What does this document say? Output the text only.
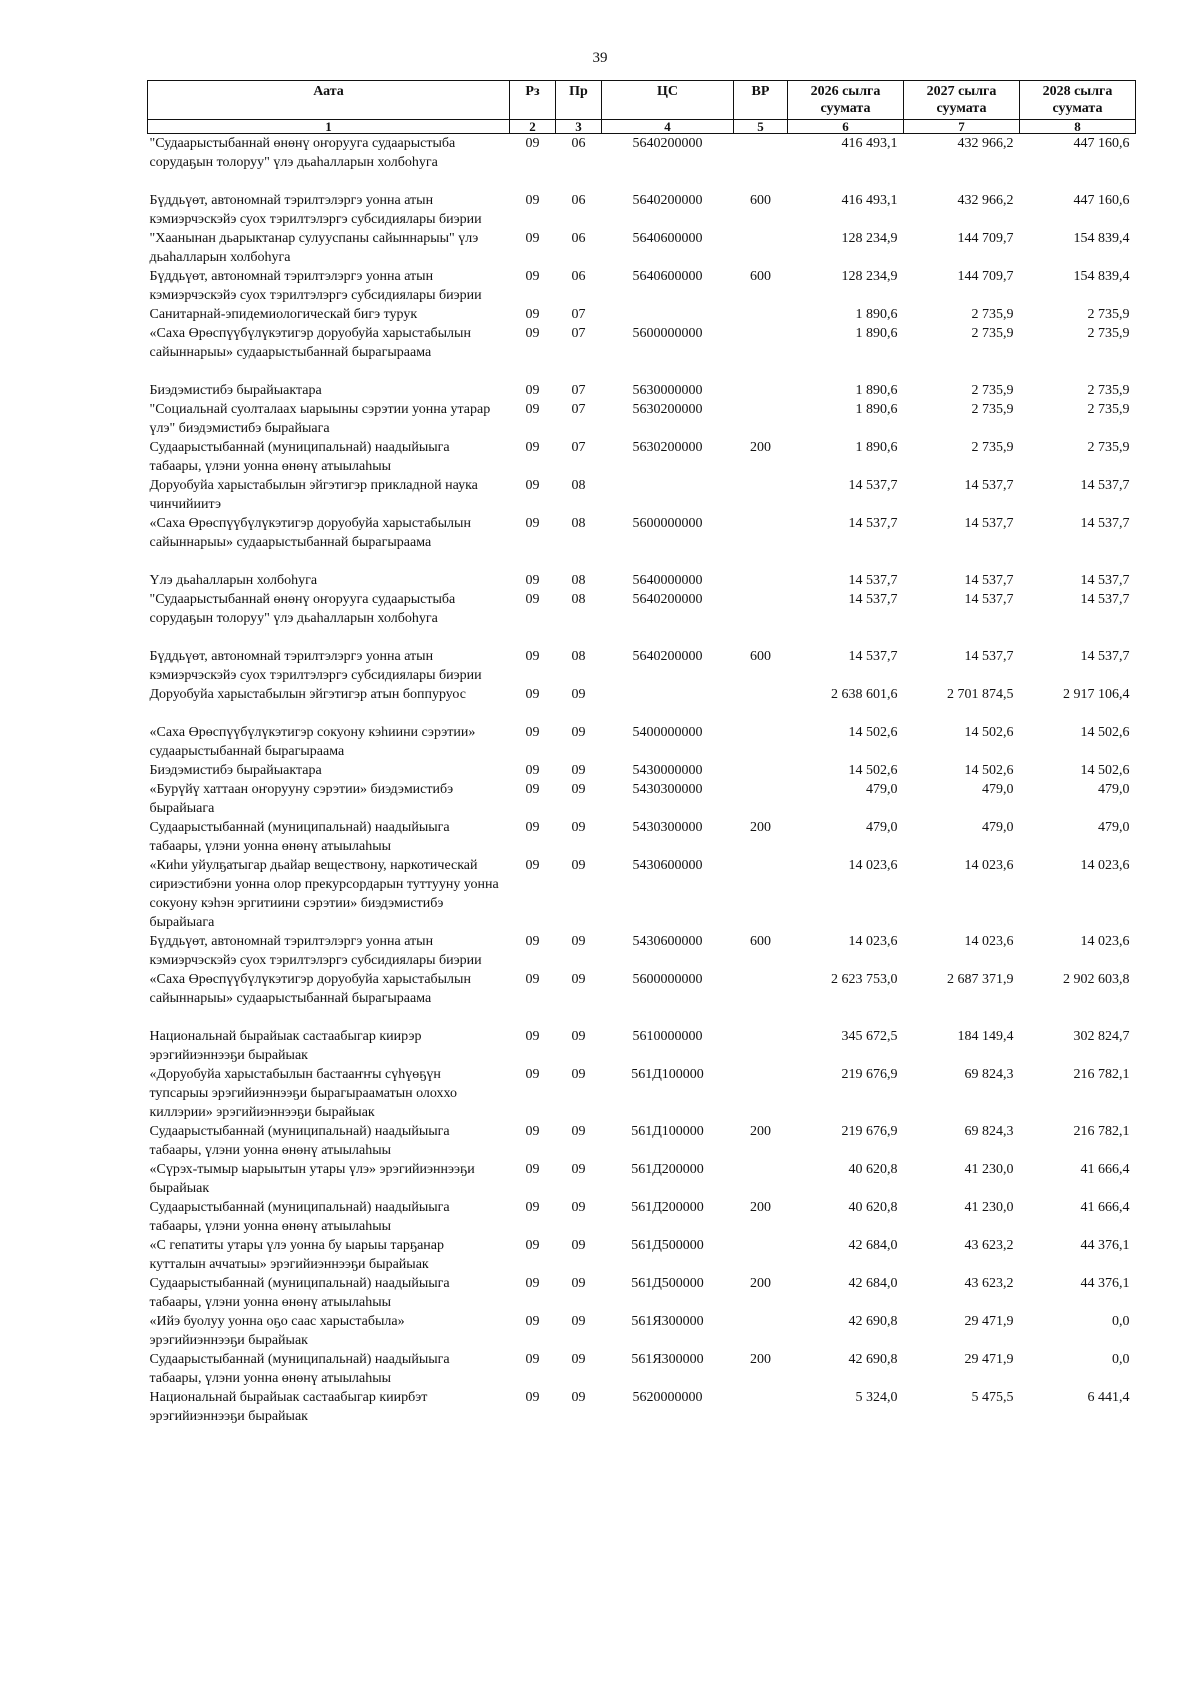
39
Аата	Рз	Пр	ЦС	ВР	2026 сылга суумата	2027 сылга суумата	2028 сылга суумата
1	2	3	4	5	6	7	8
"Судаарыстыбаннай өнөнү оҥоруугa судаарыстыба сорудаҕын толоруу" үлэ дьаһалларын холбоһуга	09	06	5640200000		416 493,1	432 966,2	447 160,6
Бүддьүөт, автономнай тэрилтэлэргэ уонна атын кэмиэрчэскэйэ суох тэрилтэлэргэ субсидиялары биэрии	09	06	5640200000	600	416 493,1	432 966,2	447 160,6
"Хаанынан дьарыктанар сулууспаны сайыннарыы" үлэ дьаһалларын холбоһуга	09	06	5640600000		128 234,9	144 709,7	154 839,4
Бүддьүөт, автономнай тэрилтэлэргэ уонна атын кэмиэрчэскэйэ суох тэрилтэлэргэ субсидиялары биэрии	09	06	5640600000	600	128 234,9	144 709,7	154 839,4
Санитарнай-эпидемиологическай бигэ турук	09	07			1 890,6	2 735,9	2 735,9
«Саха Өрөспүүбүлүкэтигэр доруобуйа харыстабылын сайыннарыы» судаарыстыбаннай бырагыраама	09	07	5600000000		1 890,6	2 735,9	2 735,9
Биэдэмистибэ бырайыактара	09	07	5630000000		1 890,6	2 735,9	2 735,9
"Социальнай суолталаах ыарыыны сэрэтии уонна утарар үлэ" биэдэмистибэ бырайыага	09	07	5630200000		1 890,6	2 735,9	2 735,9
Судаарыстыбаннай (муниципальнай) наадыйыыга табаары, үлэни уонна өнөнү атыылаһыы	09	07	5630200000	200	1 890,6	2 735,9	2 735,9
Доруобуйа харыстабылын эйгэтигэр прикладной наука чинчийиитэ	09	08			14 537,7	14 537,7	14 537,7
«Саха Өрөспүүбүлүкэтигэр доруобуйа харыстабылын сайыннарыы» судаарыстыбаннай бырагыраама	09	08	5600000000		14 537,7	14 537,7	14 537,7
Үлэ дьаһалларын холбоһуга	09	08	5640000000		14 537,7	14 537,7	14 537,7
"Судаарыстыбаннай өнөнү оҥоруугa судаарыстыба сорудаҕын толоруу" үлэ дьаһалларын холбоһуга	09	08	5640200000		14 537,7	14 537,7	14 537,7
Бүддьүөт, автономнай тэрилтэлэргэ уонна атын кэмиэрчэскэйэ суох тэрилтэлэргэ субсидиялары биэрии	09	08	5640200000	600	14 537,7	14 537,7	14 537,7
Доруобуйа харыстабылын эйгэтигэр атын боппуруос	09	09			2 638 601,6	2 701 874,5	2 917 106,4
«Саха Өрөспүүбүлүкэтигэр сокуону кэһиини сэрэтии» судаарыстыбаннай бырагыраама	09	09	5400000000		14 502,6	14 502,6	14 502,6
Биэдэмистибэ бырайыактара	09	09	5430000000		14 502,6	14 502,6	14 502,6
«Бурүйү хаттаан оҥорууну сэрэтии» биэдэмистибэ бырайыага	09	09	5430300000		479,0	479,0	479,0
Судаарыстыбаннай (муниципальнай) наадыйыыга табаары, үлэни уонна өнөнү атыылаһыы	09	09	5430300000	200	479,0	479,0	479,0
«Киһи уйулҕатыгар дьайар веществону, наркотическай сириэстибэни уонна олор прекурсордарын туттууну уонна сокуону кэһэн эргитиини сэрэтии» биэдэмистибэ бырайыага	09	09	5430600000		14 023,6	14 023,6	14 023,6
Бүддьүөт, автономнай тэрилтэлэргэ уонна атын кэмиэрчэскэйэ суох тэрилтэлэргэ субсидиялары биэрии	09	09	5430600000	600	14 023,6	14 023,6	14 023,6
«Саха Өрөспүүбүлүкэтигэр доруобуйа харыстабылын сайыннарыы» судаарыстыбаннай бырагыраама	09	09	5600000000		2 623 753,0	2 687 371,9	2 902 603,8
Национальнай бырайыак састаабыгар киирэр эрэгийиэннээҕи бырайыак	09	09	5610000000		345 672,5	184 149,4	302 824,7
«Доруобуйа харыстабылын бастааҥҥы сүһүөҕүн тупсарыы эрэгийиэннээҕи бырагырааматын олоххо киллэрии» эрэгийиэннээҕи бырайыак	09	09	561Д100000		219 676,9	69 824,3	216 782,1
Судаарыстыбаннай (муниципальнай) наадыйыыга табаары, үлэни уонна өнөнү атыылаһыы	09	09	561Д100000	200	219 676,9	69 824,3	216 782,1
«Сүрэх-тымыр ыарыытын утары үлэ» эрэгийиэннээҕи бырайыак	09	09	561Д200000		40 620,8	41 230,0	41 666,4
Судаарыстыбаннай (муниципальнай) наадыйыыга табаары, үлэни уонна өнөнү атыылаһыы	09	09	561Д200000	200	40 620,8	41 230,0	41 666,4
«С гепатиты утары үлэ уонна бу ыарыы тарҕанар кутталын аччатыы» эрэгийиэннээҕи бырайыак	09	09	561Д500000		42 684,0	43 623,2	44 376,1
Судаарыстыбаннай (муниципальнай) наадыйыыга табаары, үлэни уонна өнөнү атыылаһыы	09	09	561Д500000	200	42 684,0	43 623,2	44 376,1
«Ийэ буолуу уонна оҕо саас харыстабыла» эрэгийиэннээҕи бырайыак	09	09	561Я300000		42 690,8	29 471,9	0,0
Судаарыстыбаннай (муниципальнай) наадыйыыга табаары, үлэни уонна өнөнү атыылаһыы	09	09	561Я300000	200	42 690,8	29 471,9	0,0
Национальнай бырайыак састаабыгар киирбэт эрэгийиэннээҕи бырайыак	09	09	5620000000		5 324,0	5 475,5	6 441,4
